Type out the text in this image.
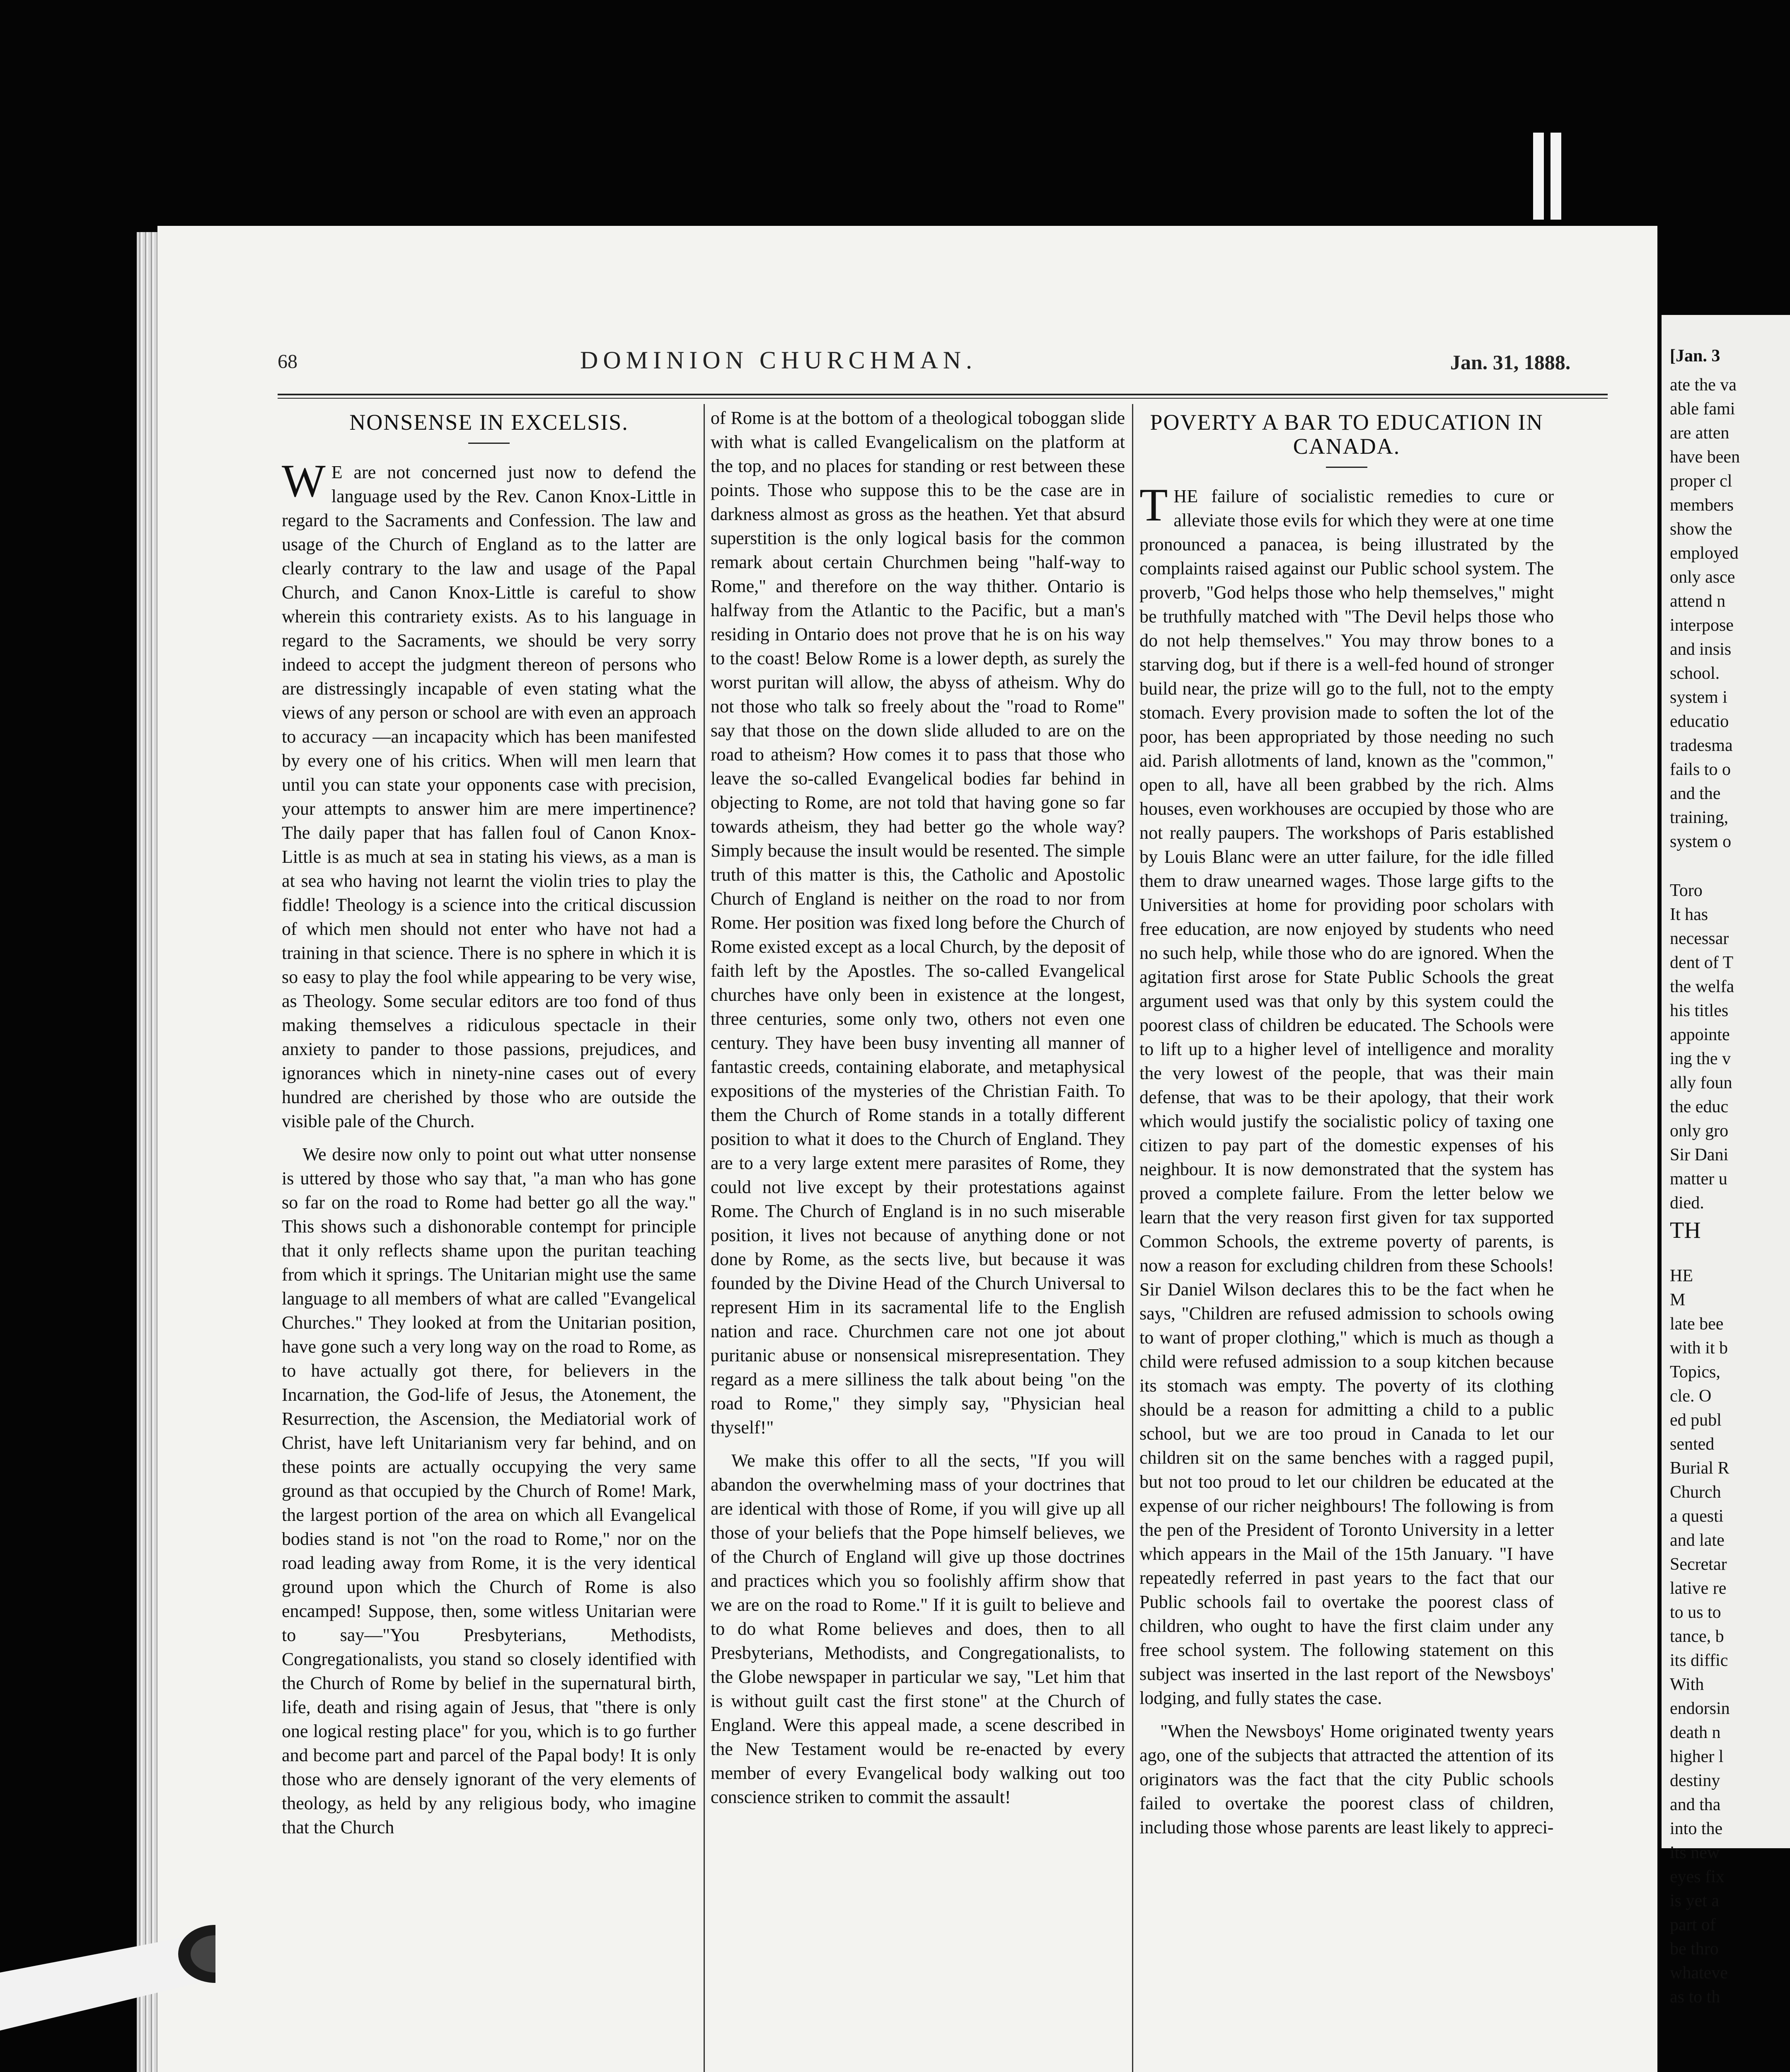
[Jan. 3
ate the va
able fami
are atten
have been
proper cl
members
show the
employed
only asce
attend n
interpose
and insis
school.
system i
educatio
tradesma
fails to o
and the
training,
system o
Toro
It has
necessar
dent of T
the welfa
his titles
appointe
ing the v
ally foun
the educ
only gro
Sir Dani
matter u
died.
TH
HE
M
late bee
with it b
Topics,
cle. O
ed publ
sented
Burial R
Church
a questi
and late
Secretar
lative re
to us to
tance, b
its diffic
With
endorsin
death n
higher l
destiny
and tha
into the
its new
eyes fix
is yet a
part of
be thro
whateve
as to th
68	DOMINION CHURCHMAN.	Jan. 31, 1888.
NONSENSE IN EXCELSIS.

W E are not concerned just now to defend the language used by the Rev. Canon Knox-Little in regard to the Sacraments and Confession. The law and usage of the Church of England as to the latter are clearly contrary to the law and usage of the Papal Church, and Canon Knox-Little is careful to show wherein this contrariety exists. As to his language in regard to the Sacraments, we should be very sorry indeed to accept the judgment thereon of persons who are distressingly incapable of even stating what the views of any person or school are with even an approach to accuracy —an incapacity which has been manifested by every one of his critics. When will men learn that until you can state your opponents case with precision, your attempts to answer him are mere impertinence? The daily paper that has fallen foul of Canon Knox-Little is as much at sea in stating his views, as a man is at sea who having not learnt the violin tries to play the fiddle! Theology is a science into the critical discussion of which men should not enter who have not had a training in that science. There is no sphere in which it is so easy to play the fool while appearing to be very wise, as Theology. Some secular editors are too fond of thus making themselves a ridiculous spectacle in their anxiety to pander to those passions, prejudices, and ignorances which in ninety-nine cases out of every hundred are cherished by those who are outside the visible pale of the Church.

We desire now only to point out what utter nonsense is uttered by those who say that, "a man who has gone so far on the road to Rome had better go all the way." This shows such a dishonorable contempt for principle that it only reflects shame upon the puritan teaching from which it springs. The Unitarian might use the same language to all members of what are called "Evangelical Churches." They looked at from the Unitarian position, have gone such a very long way on the road to Rome, as to have actually got there, for believers in the Incarnation, the God-life of Jesus, the Atonement, the Resurrection, the Ascension, the Mediatorial work of Christ, have left Unitarianism very far behind, and on these points are actually occupying the very same ground as that occupied by the Church of Rome! Mark, the largest portion of the area on which all Evangelical bodies stand is not "on the road to Rome," nor on the road leading away from Rome, it is the very identical ground upon which the Church of Rome is also encamped! Suppose, then, some witless Unitarian were to say—"You Presbyterians, Methodists, Congregationalists, you stand so closely identified with the Church of Rome by belief in the supernatural birth, life, death and rising again of Jesus, that "there is only one logical resting place" for you, which is to go further and become part and parcel of the Papal body! It is only those who are densely ignorant of the very elements of theology, as held by any religious body, who imagine that the Church

of Rome is at the bottom of a theological toboggan slide with what is called Evangelicalism on the platform at the top, and no places for standing or rest between these points. Those who suppose this to be the case are in darkness almost as gross as the heathen. Yet that absurd superstition is the only logical basis for the common remark about certain Churchmen being "half-way to Rome," and therefore on the way thither. Ontario is halfway from the Atlantic to the Pacific, but a man's residing in Ontario does not prove that he is on his way to the coast! Below Rome is a lower depth, as surely the worst puritan will allow, the abyss of atheism. Why do not those who talk so freely about the "road to Rome" say that those on the down slide alluded to are on the road to atheism? How comes it to pass that those who leave the so-called Evangelical bodies far behind in objecting to Rome, are not told that having gone so far towards atheism, they had better go the whole way? Simply because the insult would be resented. The simple truth of this matter is this, the Catholic and Apostolic Church of England is neither on the road to nor from Rome. Her position was fixed long before the Church of Rome existed except as a local Church, by the deposit of faith left by the Apostles. The so-called Evangelical churches have only been in existence at the longest, three centuries, some only two, others not even one century. They have been busy inventing all manner of fantastic creeds, containing elaborate, and metaphysical expositions of the mysteries of the Christian Faith. To them the Church of Rome stands in a totally different position to what it does to the Church of England. They are to a very large extent mere parasites of Rome, they could not live except by their protestations against Rome. The Church of England is in no such miserable position, it lives not because of anything done or not done by Rome, as the sects live, but because it was founded by the Divine Head of the Church Universal to represent Him in its sacramental life to the English nation and race. Churchmen care not one jot about puritanic abuse or nonsensical misrepresentation. They regard as a mere silliness the talk about being "on the road to Rome," they simply say, "Physician heal thyself!"

We make this offer to all the sects, "If you will abandon the overwhelming mass of your doctrines that are identical with those of Rome, if you will give up all those of your beliefs that the Pope himself believes, we of the Church of England will give up those doctrines and practices which you so foolishly affirm show that we are on the road to Rome." If it is guilt to believe and to do what Rome believes and does, then to all Presbyterians, Methodists, and Congregationalists, to the Globe newspaper in particular we say, "Let him that is without guilt cast the first stone" at the Church of England. Were this appeal made, a scene described in the New Testament would be re-enacted by every member of every Evangelical body walking out too conscience striken to commit the assault!

POVERTY A BAR TO EDUCATION IN CANADA.

THE failure of socialistic remedies to cure or alleviate those evils for which they were at one time pronounced a panacea, is being illustrated by the complaints raised against our Public school system. The proverb, "God helps those who help themselves," might be truthfully matched with "The Devil helps those who do not help themselves." You may throw bones to a starving dog, but if there is a well-fed hound of stronger build near, the prize will go to the full, not to the empty stomach. Every provision made to soften the lot of the poor, has been appropriated by those needing no such aid. Parish allotments of land, known as the "common," open to all, have all been grabbed by the rich. Alms houses, even workhouses are occupied by those who are not really paupers. The workshops of Paris established by Louis Blanc were an utter failure, for the idle filled them to draw unearned wages. Those large gifts to the Universities at home for providing poor scholars with free education, are now enjoyed by students who need no such help, while those who do are ignored. When the agitation first arose for State Public Schools the great argument used was that only by this system could the poorest class of children be educated. The Schools were to lift up to a higher level of intelligence and morality the very lowest of the people, that was their main defense, that was to be their apology, that their work which would justify the socialistic policy of taxing one citizen to pay part of the domestic expenses of his neighbour. It is now demonstrated that the system has proved a complete failure. From the letter below we learn that the very reason first given for tax supported Common Schools, the extreme poverty of parents, is now a reason for excluding children from these Schools! Sir Daniel Wilson declares this to be the fact when he says, "Children are refused admission to schools owing to want of proper clothing," which is much as though a child were refused admission to a soup kitchen because its stomach was empty. The poverty of its clothing should be a reason for admitting a child to a public school, but we are too proud in Canada to let our children sit on the same benches with a ragged pupil, but not too proud to let our children be educated at the expense of our richer neighbours! The following is from the pen of the President of Toronto University in a letter which appears in the Mail of the 15th January. "I have repeatedly referred in past years to the fact that our Public schools fail to overtake the poorest class of children, who ought to have the first claim under any free school system. The following statement on this subject was inserted in the last report of the Newsboys' lodging, and fully states the case.

"When the Newsboys' Home originated twenty years ago, one of the subjects that attracted the attention of its originators was the fact that the city Public schools failed to overtake the poorest class of children, including those whose parents are least likely to appreci-
